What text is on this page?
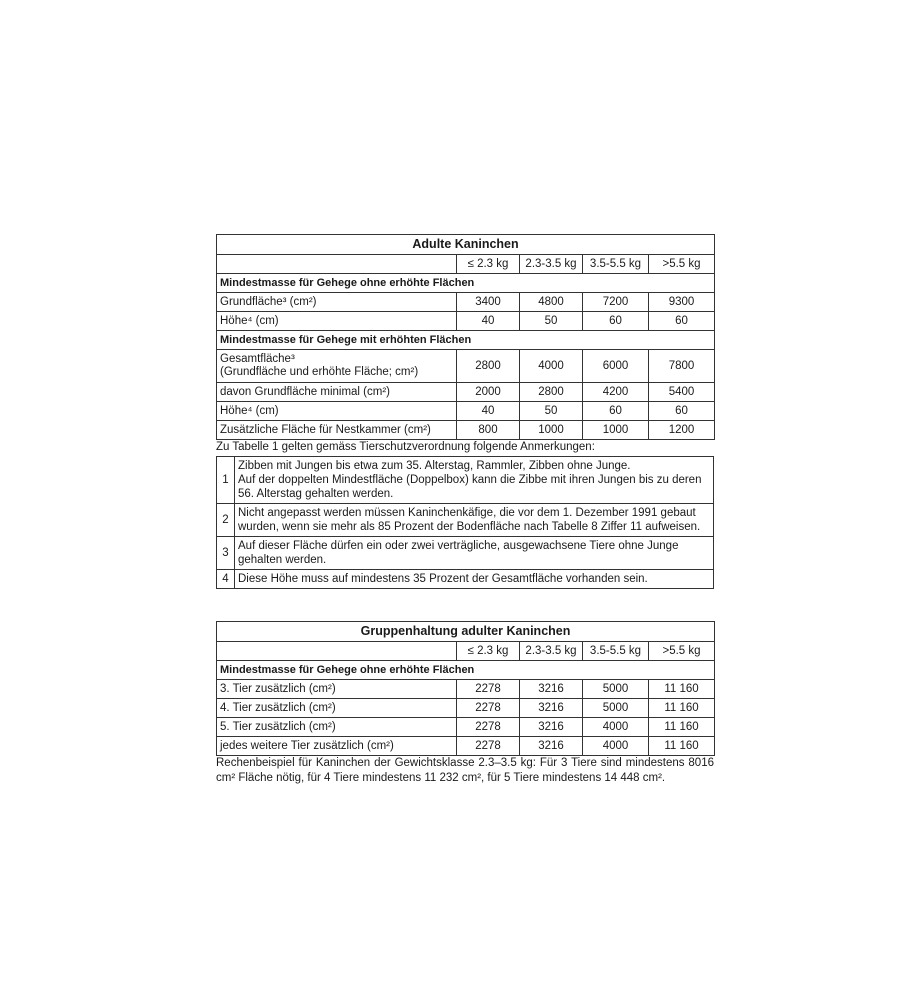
Adulte Kaninchen				
	≤ 2.3 kg	2.3-3.5 kg	3.5-5.5 kg	>5.5 kg
Mindestmasse für Gehege ohne erhöhte Flächen				
Grundfläche³ (cm²)	3400	4800	7200	9300
Höhe⁴ (cm)	40	50	60	60
Mindestmasse für Gehege mit erhöhten Flächen				

Gesamtfläche³
(Grundfläche und erhöhte Fläche; cm²)	2800	4000	6000	7800
davon Grundfläche minimal (cm²)	2000	2800	4200	5400
Höhe⁴ (cm)	40	50	60	60
Zusätzliche Fläche für Nestkammer (cm²)	800	1000	1000	1200
Zu Tabelle 1 gelten gemäss Tierschutzverordnung folgende Anmerkungen:
1	Zibben mit Jungen bis etwa zum 35. Alterstag, Rammler, Zibben ohne Junge.
Auf der doppelten Mindestfläche (Doppelbox) kann die Zibbe mit ihren Jungen bis zu deren 56. Alterstag gehalten werden.

2	Nicht angepasst werden müssen Kaninchenkäfige, die vor dem 1. Dezember 1991 gebaut wurden, wenn sie mehr als 85 Prozent der Bodenfläche nach Tabelle 8 Ziffer 11 aufweisen.
3	Auf dieser Fläche dürfen ein oder zwei verträgliche, ausgewachsene Tiere ohne Junge gehalten werden.
4	Diese Höhe muss auf mindestens 35 Prozent der Gesamtfläche vorhanden sein.
Gruppenhaltung adulter Kaninchen				
	≤ 2.3 kg	2.3-3.5 kg	3.5-5.5 kg	>5.5 kg
Mindestmasse für Gehege ohne erhöhte Flächen				
3. Tier zusätzlich (cm²)	2278	3216	5000	11 160
4. Tier zusätzlich (cm²)	2278	3216	5000	11 160
5. Tier zusätzlich (cm²)	2278	3216	4000	11 160
jedes weitere Tier zusätzlich (cm²)	2278	3216	4000	11 160
Rechenbeispiel für Kaninchen der Gewichtsklasse 2.3–3.5 kg: Für 3 Tiere sind mindestens 8016 cm² Fläche nötig, für 4 Tiere mindestens 11 232 cm², für 5 Tiere mindestens 14 448 cm².
